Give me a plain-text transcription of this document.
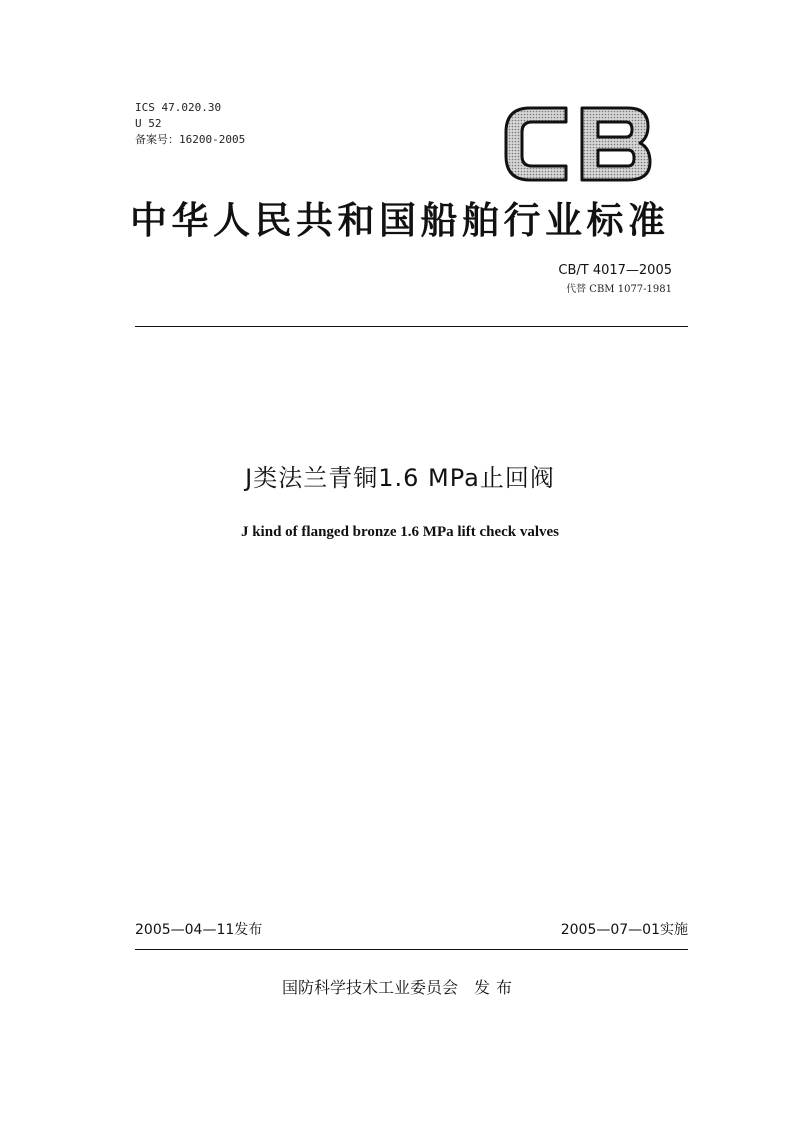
ICS 47.020.30
U 52
备案号：16200-2005
中华人民共和国船舶行业标准
CB/T 4017—2005
代替 CBM 1077-1981
J类法兰青铜1.6 MPa止回阀
J kind of flanged bronze 1.6 MPa lift check valves
2005—04—11发布	2005—07—01实施
国防科学技术工业委员会 发布
